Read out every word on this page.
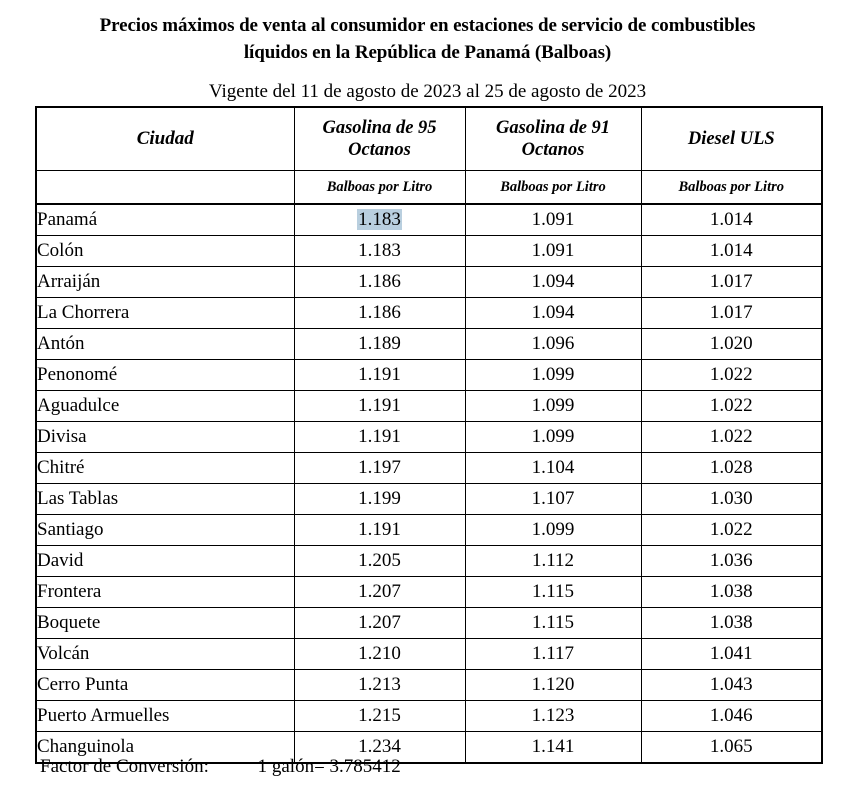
Precios máximos de venta al consumidor en estaciones de servicio de combustibles
líquidos en la República de Panamá (Balboas)
Vigente del 11 de agosto de 2023 al 25 de agosto de 2023
Ciudad	Gasolina de 95 Octanos	Gasolina de 91 Octanos	Diesel ULS
	Balboas por Litro	Balboas por Litro	Balboas por Litro
Panamá	1.183	1.091	1.014
Colón	1.183	1.091	1.014
Arraiján	1.186	1.094	1.017
La Chorrera	1.186	1.094	1.017
Antón	1.189	1.096	1.020
Penonomé	1.191	1.099	1.022
Aguadulce	1.191	1.099	1.022
Divisa	1.191	1.099	1.022
Chitré	1.197	1.104	1.028
Las Tablas	1.199	1.107	1.030
Santiago	1.191	1.099	1.022
David	1.205	1.112	1.036
Frontera	1.207	1.115	1.038
Boquete	1.207	1.115	1.038
Volcán	1.210	1.117	1.041
Cerro Punta	1.213	1.120	1.043
Puerto Armuelles	1.215	1.123	1.046
Changuinola	1.234	1.141	1.065
Factor de Conversión:	1 galón= 3.785412
